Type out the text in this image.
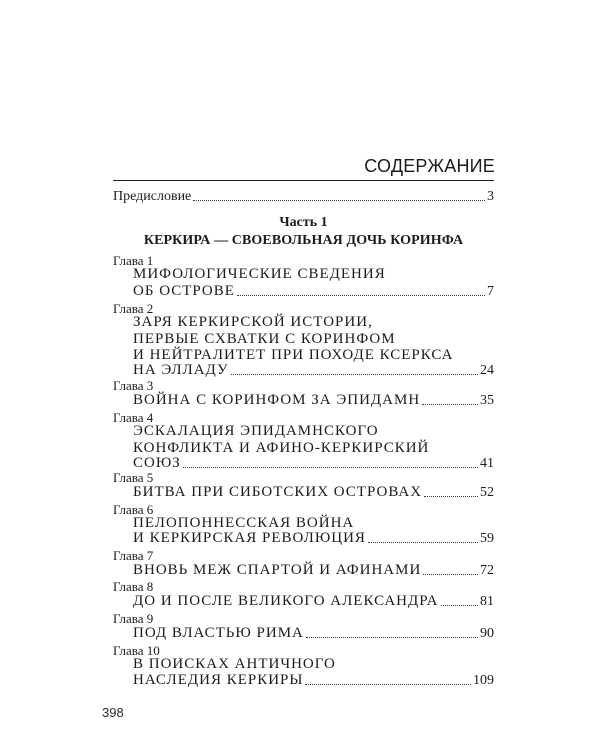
СОДЕРЖАНИЕ
Предисловие	3
Часть 1
КЕРКИРА — СВОЕВОЛЬНАЯ ДОЧЬ КОРИНФА
Глава 1
МИФОЛОГИЧЕСКИЕ СВЕДЕНИЯ
ОБ ОСТРОВЕ	7
Глава 2
ЗАРЯ КЕРКИРСКОЙ ИСТОРИИ,
ПЕРВЫЕ СХВАТКИ С КОРИНФОМ
И НЕЙТРАЛИТЕТ ПРИ ПОХОДЕ КСЕРКСА
НА ЭЛЛАДУ	24
Глава 3
ВОЙНА С КОРИНФОМ ЗА ЭПИДАМН	35
Глава 4
ЭСКАЛАЦИЯ ЭПИДАМНСКОГО
КОНФЛИКТА И АФИНО-КЕРКИРСКИЙ
СОЮЗ	41
Глава 5
БИТВА ПРИ СИБОТСКИХ ОСТРОВАХ	52
Глава 6
ПЕЛОПОННЕССКАЯ ВОЙНА
И КЕРКИРСКАЯ РЕВОЛЮЦИЯ	59
Глава 7
ВНОВЬ МЕЖ СПАРТОЙ И АФИНАМИ	72
Глава 8
ДО И ПОСЛЕ ВЕЛИКОГО АЛЕКСАНДРА	81
Глава 9
ПОД ВЛАСТЬЮ РИМА	90
Глава 10
В ПОИСКАХ АНТИЧНОГО
НАСЛЕДИЯ КЕРКИРЫ	109
398
